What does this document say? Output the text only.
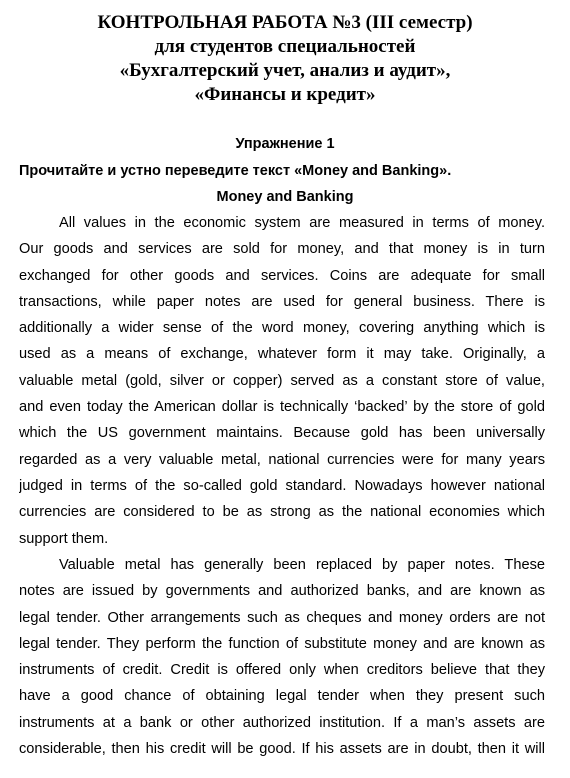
КОНТРОЛЬНАЯ РАБОТА №3 (III семестр)
для студентов специальностей
«Бухгалтерский учет, анализ и аудит»,
«Финансы и кредит»
Упражнение 1
Прочитайте и устно переведите текст «Money and Banking».
Money and Banking
All values in the economic system are measured in terms of money.
Our goods and services are sold for money, and that money is in turn
exchanged for other goods and services. Coins are adequate for small
transactions, while paper notes are used for general business. There is
additionally a wider sense of the word money, covering anything which is
used as a means of exchange, whatever form it may take. Originally, a
valuable metal (gold, silver or copper) served as a constant store of value,
and even today the American dollar is technically ‘backed’ by the store of gold
which the US government maintains. Because gold has been universally
regarded as a very valuable metal, national currencies were for many years
judged in terms of the so-called gold standard. Nowadays however national
currencies are considered to be as strong as the national economies which
support them.
Valuable metal has generally been replaced by paper notes. These
notes are issued by governments and authorized banks, and are known as
legal tender. Other arrangements such as cheques and money orders are not
legal tender. They perform the function of substitute money and are known as
instruments of credit. Credit is offered only when creditors believe that they
have a good chance of obtaining legal tender when they present such
instruments at a bank or other authorized institution. If a man’s assets are
considerable, then his credit will be good. If his assets are in doubt, then it will
